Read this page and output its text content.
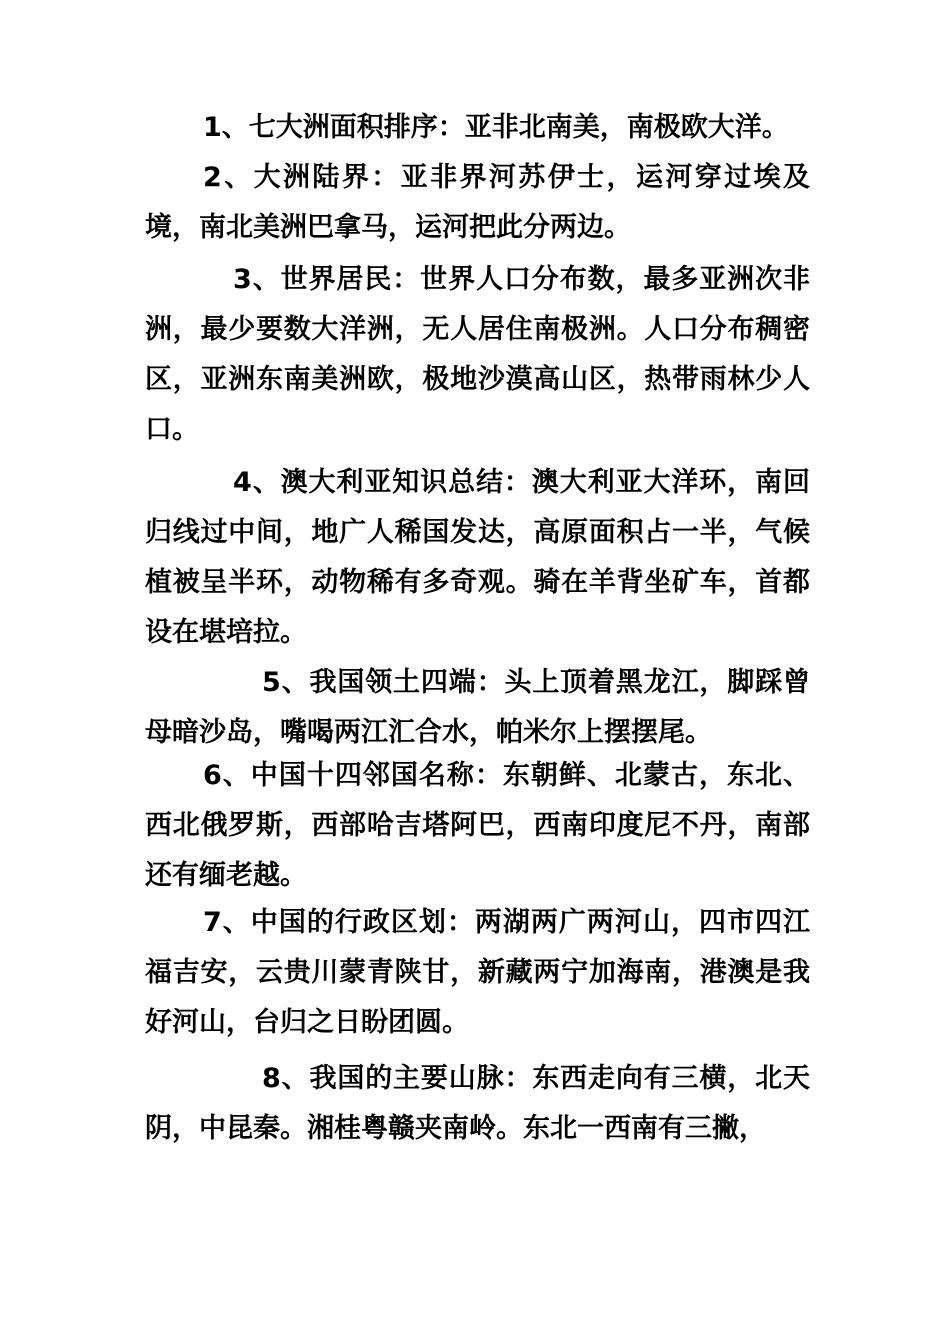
1、七大洲面积排序：亚非北南美，南极欧大洋。
2、大洲陆界：亚非界河苏伊士，运河穿过埃及境，南北美洲巴拿马，运河把此分两边。
3、世界居民：世界人口分布数，最多亚洲次非洲，最少要数大洋洲，无人居住南极洲。人口分布稠密区，亚洲东南美洲欧，极地沙漠高山区，热带雨林少人口。
4、澳大利亚知识总结：澳大利亚大洋环，南回归线过中间，地广人稀国发达，高原面积占一半，气候植被呈半环，动物稀有多奇观。骑在羊背坐矿车，首都设在堪培拉。
5、我国领土四端：头上顶着黑龙江，脚踩曾母暗沙岛，嘴喝两江汇合水，帕米尔上摆摆尾。
6、中国十四邻国名称：东朝鲜、北蒙古，东北、西北俄罗斯，西部哈吉塔阿巴，西南印度尼不丹，南部还有缅老越。
7、中国的行政区划：两湖两广两河山，四市四江福吉安，云贵川蒙青陕甘，新藏两宁加海南，港澳是我好河山，台归之日盼团圆。
8、我国的主要山脉：东西走向有三横，北天阴，中昆秦。湘桂粤赣夹南岭。东北一西南有三撇，
